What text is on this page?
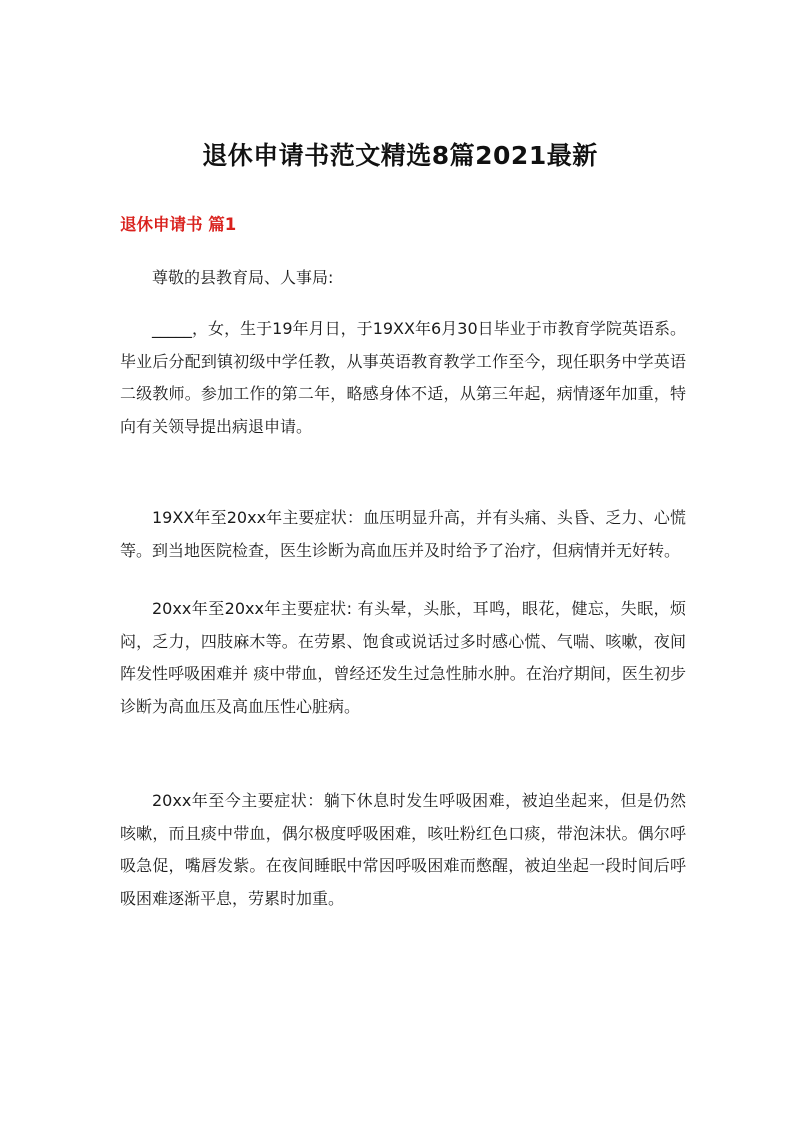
退休申请书范文精选8篇2021最新
退休申请书 篇1

尊敬的县教育局、人事局:

_____，女，生于19年月日，于19XX年6月30日毕业于市教育学院英语系。毕业后分配到镇初级中学任教，从事英语教育教学工作至今，现任职务中学英语二级教师。参加工作的第二年，略感身体不适，从第三年起，病情逐年加重，特向有关领导提出病退申请。

19XX年至20xx年主要症状：血压明显升高，并有头痛、头昏、乏力、心慌等。到当地医院检查，医生诊断为高血压并及时给予了治疗，但病情并无好转。

20xx年至20xx年主要症状: 有头晕，头胀，耳鸣，眼花，健忘，失眠，烦闷，乏力，四肢麻木等。在劳累、饱食或说话过多时感心慌、气喘、咳嗽，夜间阵发性呼吸困难并 痰中带血，曾经还发生过急性肺水肿。在治疗期间，医生初步诊断为高血压及高血压性心脏病。

20xx年至今主要症状：躺下休息时发生呼吸困难，被迫坐起来，但是仍然咳嗽，而且痰中带血，偶尔极度呼吸困难，咳吐粉红色口痰，带泡沫状。偶尔呼吸急促，嘴唇发紫。在夜间睡眠中常因呼吸困难而憋醒，被迫坐起一段时间后呼吸困难逐渐平息，劳累时加重。
